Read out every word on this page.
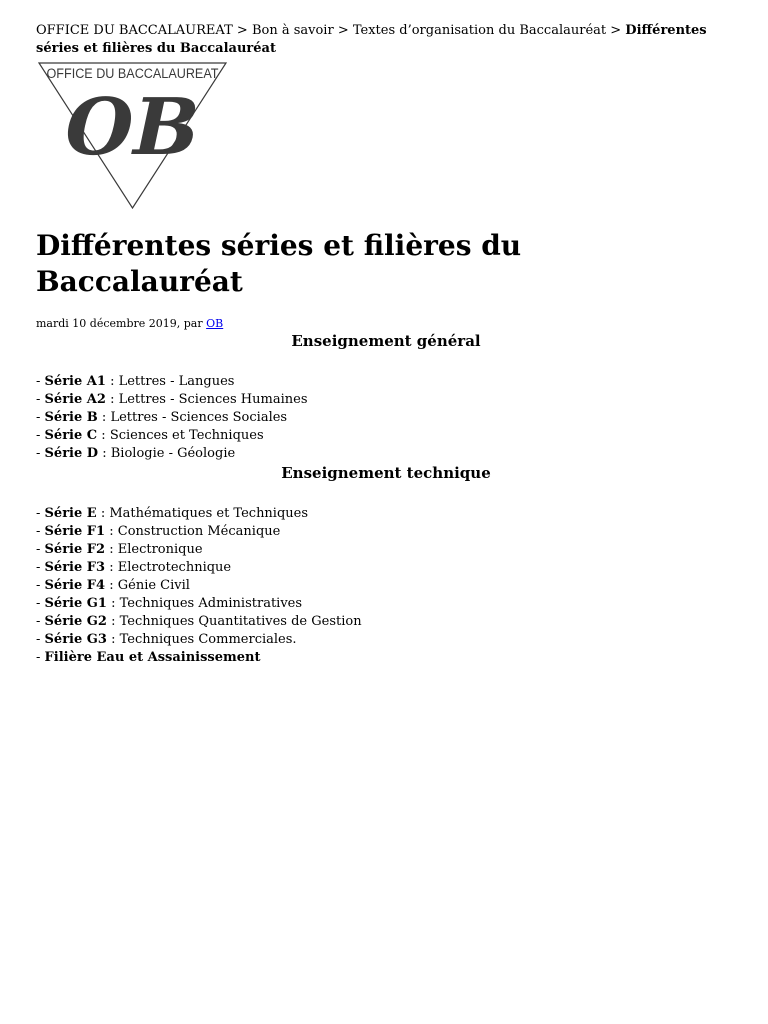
OFFICE DU BACCALAUREAT > Bon à savoir > Textes d’organisation du Baccalauréat > Différentes séries et filières du Baccalauréat
OFFICE DU BACCALAUREAT
OB
Différentes séries et filières du Baccalauréat
mardi 10 décembre 2019, par OB
Enseignement général
- Série A1 : Lettres - Langues
- Série A2 : Lettres - Sciences Humaines
- Série B : Lettres - Sciences Sociales
- Série C : Sciences et Techniques
- Série D : Biologie - Géologie
Enseignement technique
- Série E : Mathématiques et Techniques
- Série F1 : Construction Mécanique
- Série F2 : Electronique
- Série F3 : Electrotechnique
- Série F4 : Génie Civil
- Série G1 : Techniques Administratives
- Série G2 : Techniques Quantitatives de Gestion
- Série G3 : Techniques Commerciales.
- Filière Eau et Assainissement
